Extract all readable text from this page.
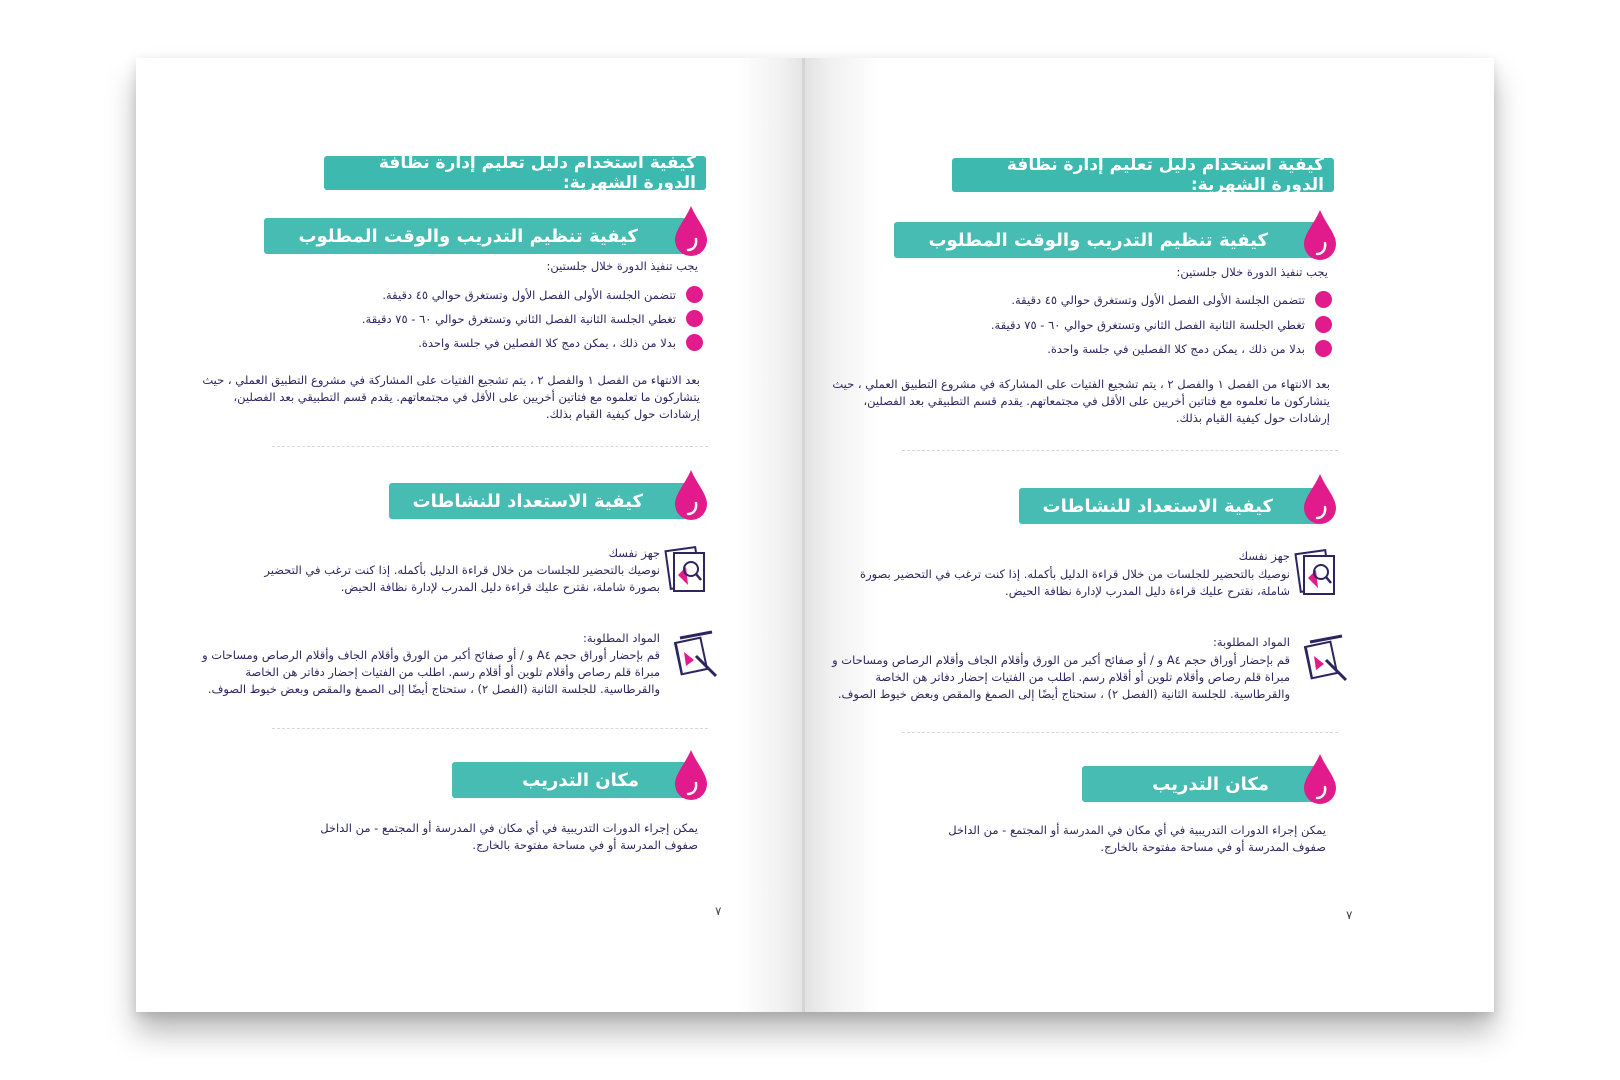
كيفية استخدام دليل تعليم إدارة نظافة الدورة الشهرية:
كيفية تنظيم التدريب والوقت المطلوب
يجب تنفيذ الدورة خلال جلستين:
تتضمن الجلسة الأولى الفصل الأول وتستغرق حوالي ٤٥ دقيقة.
تغطي الجلسة الثانية الفصل الثاني وتستغرق حوالي ٦٠ - ٧٥ دقيقة.
بدلا من ذلك ، يمكن دمج كلا الفصلين في جلسة واحدة.
بعد الانتهاء من الفصل ١ والفصل ٢ ، يتم تشجيع الفتيات على المشاركة في مشروع التطبيق العملي ، حيث يتشاركون ما تعلموه مع فتاتين أخريين على الأقل في مجتمعاتهم. يقدم قسم التطبيقي بعد الفصلين، إرشادات حول كيفية القيام بذلك.
كيفية الاستعداد للنشاطات
جهز نفسك
نوصيك بالتحضير للجلسات من خلال قراءة الدليل بأكمله. إذا كنت ترغب في التحضير بصورة شاملة، نقترح عليك قراءة دليل المدرب لإدارة نظافة الحيض.
المواد المطلوبة:
قم بإحضار أوراق حجم A٤ و / أو صفائح أكبر من الورق وأقلام الجاف وأقلام الرصاص ومساحات و مبراة قلم رصاص وأقلام تلوين أو أقلام رسم. اطلب من الفتيات إحضار دفاتر هن الخاصة والقرطاسية. للجلسة الثانية (الفصل ٢) ، ستحتاج أيضًا إلى الصمغ والمقص وبعض خيوط الصوف.
مكان التدريب
يمكن إجراء الدورات التدريبية في أي مكان في المدرسة أو المجتمع - من الداخل صفوف المدرسة أو في مساحة مفتوحة بالخارج.
٧
كيفية استخدام دليل تعليم إدارة نظافة الدورة الشهرية:
كيفية تنظيم التدريب والوقت المطلوب
يجب تنفيذ الدورة خلال جلستين:
تتضمن الجلسة الأولى الفصل الأول وتستغرق حوالي ٤٥ دقيقة.
تغطي الجلسة الثانية الفصل الثاني وتستغرق حوالي ٦٠ - ٧٥ دقيقة.
بدلا من ذلك ، يمكن دمج كلا الفصلين في جلسة واحدة.
بعد الانتهاء من الفصل ١ والفصل ٢ ، يتم تشجيع الفتيات على المشاركة في مشروع التطبيق العملي ، حيث يتشاركون ما تعلموه مع فتاتين أخريين على الأقل في مجتمعاتهم. يقدم قسم التطبيقي بعد الفصلين، إرشادات حول كيفية القيام بذلك.
كيفية الاستعداد للنشاطات
جهز نفسك
نوصيك بالتحضير للجلسات من خلال قراءة الدليل بأكمله. إذا كنت ترغب في التحضير بصورة شاملة، نقترح عليك قراءة دليل المدرب لإدارة نظافة الحيض.
المواد المطلوبة:
قم بإحضار أوراق حجم A٤ و / أو صفائح أكبر من الورق وأقلام الجاف وأقلام الرصاص ومساحات و مبراة قلم رصاص وأقلام تلوين أو أقلام رسم. اطلب من الفتيات إحضار دفاتر هن الخاصة والقرطاسية. للجلسة الثانية (الفصل ٢) ، ستحتاج أيضًا إلى الصمغ والمقص وبعض خيوط الصوف.
مكان التدريب
يمكن إجراء الدورات التدريبية في أي مكان في المدرسة أو المجتمع - من الداخل صفوف المدرسة أو في مساحة مفتوحة بالخارج.
٧
